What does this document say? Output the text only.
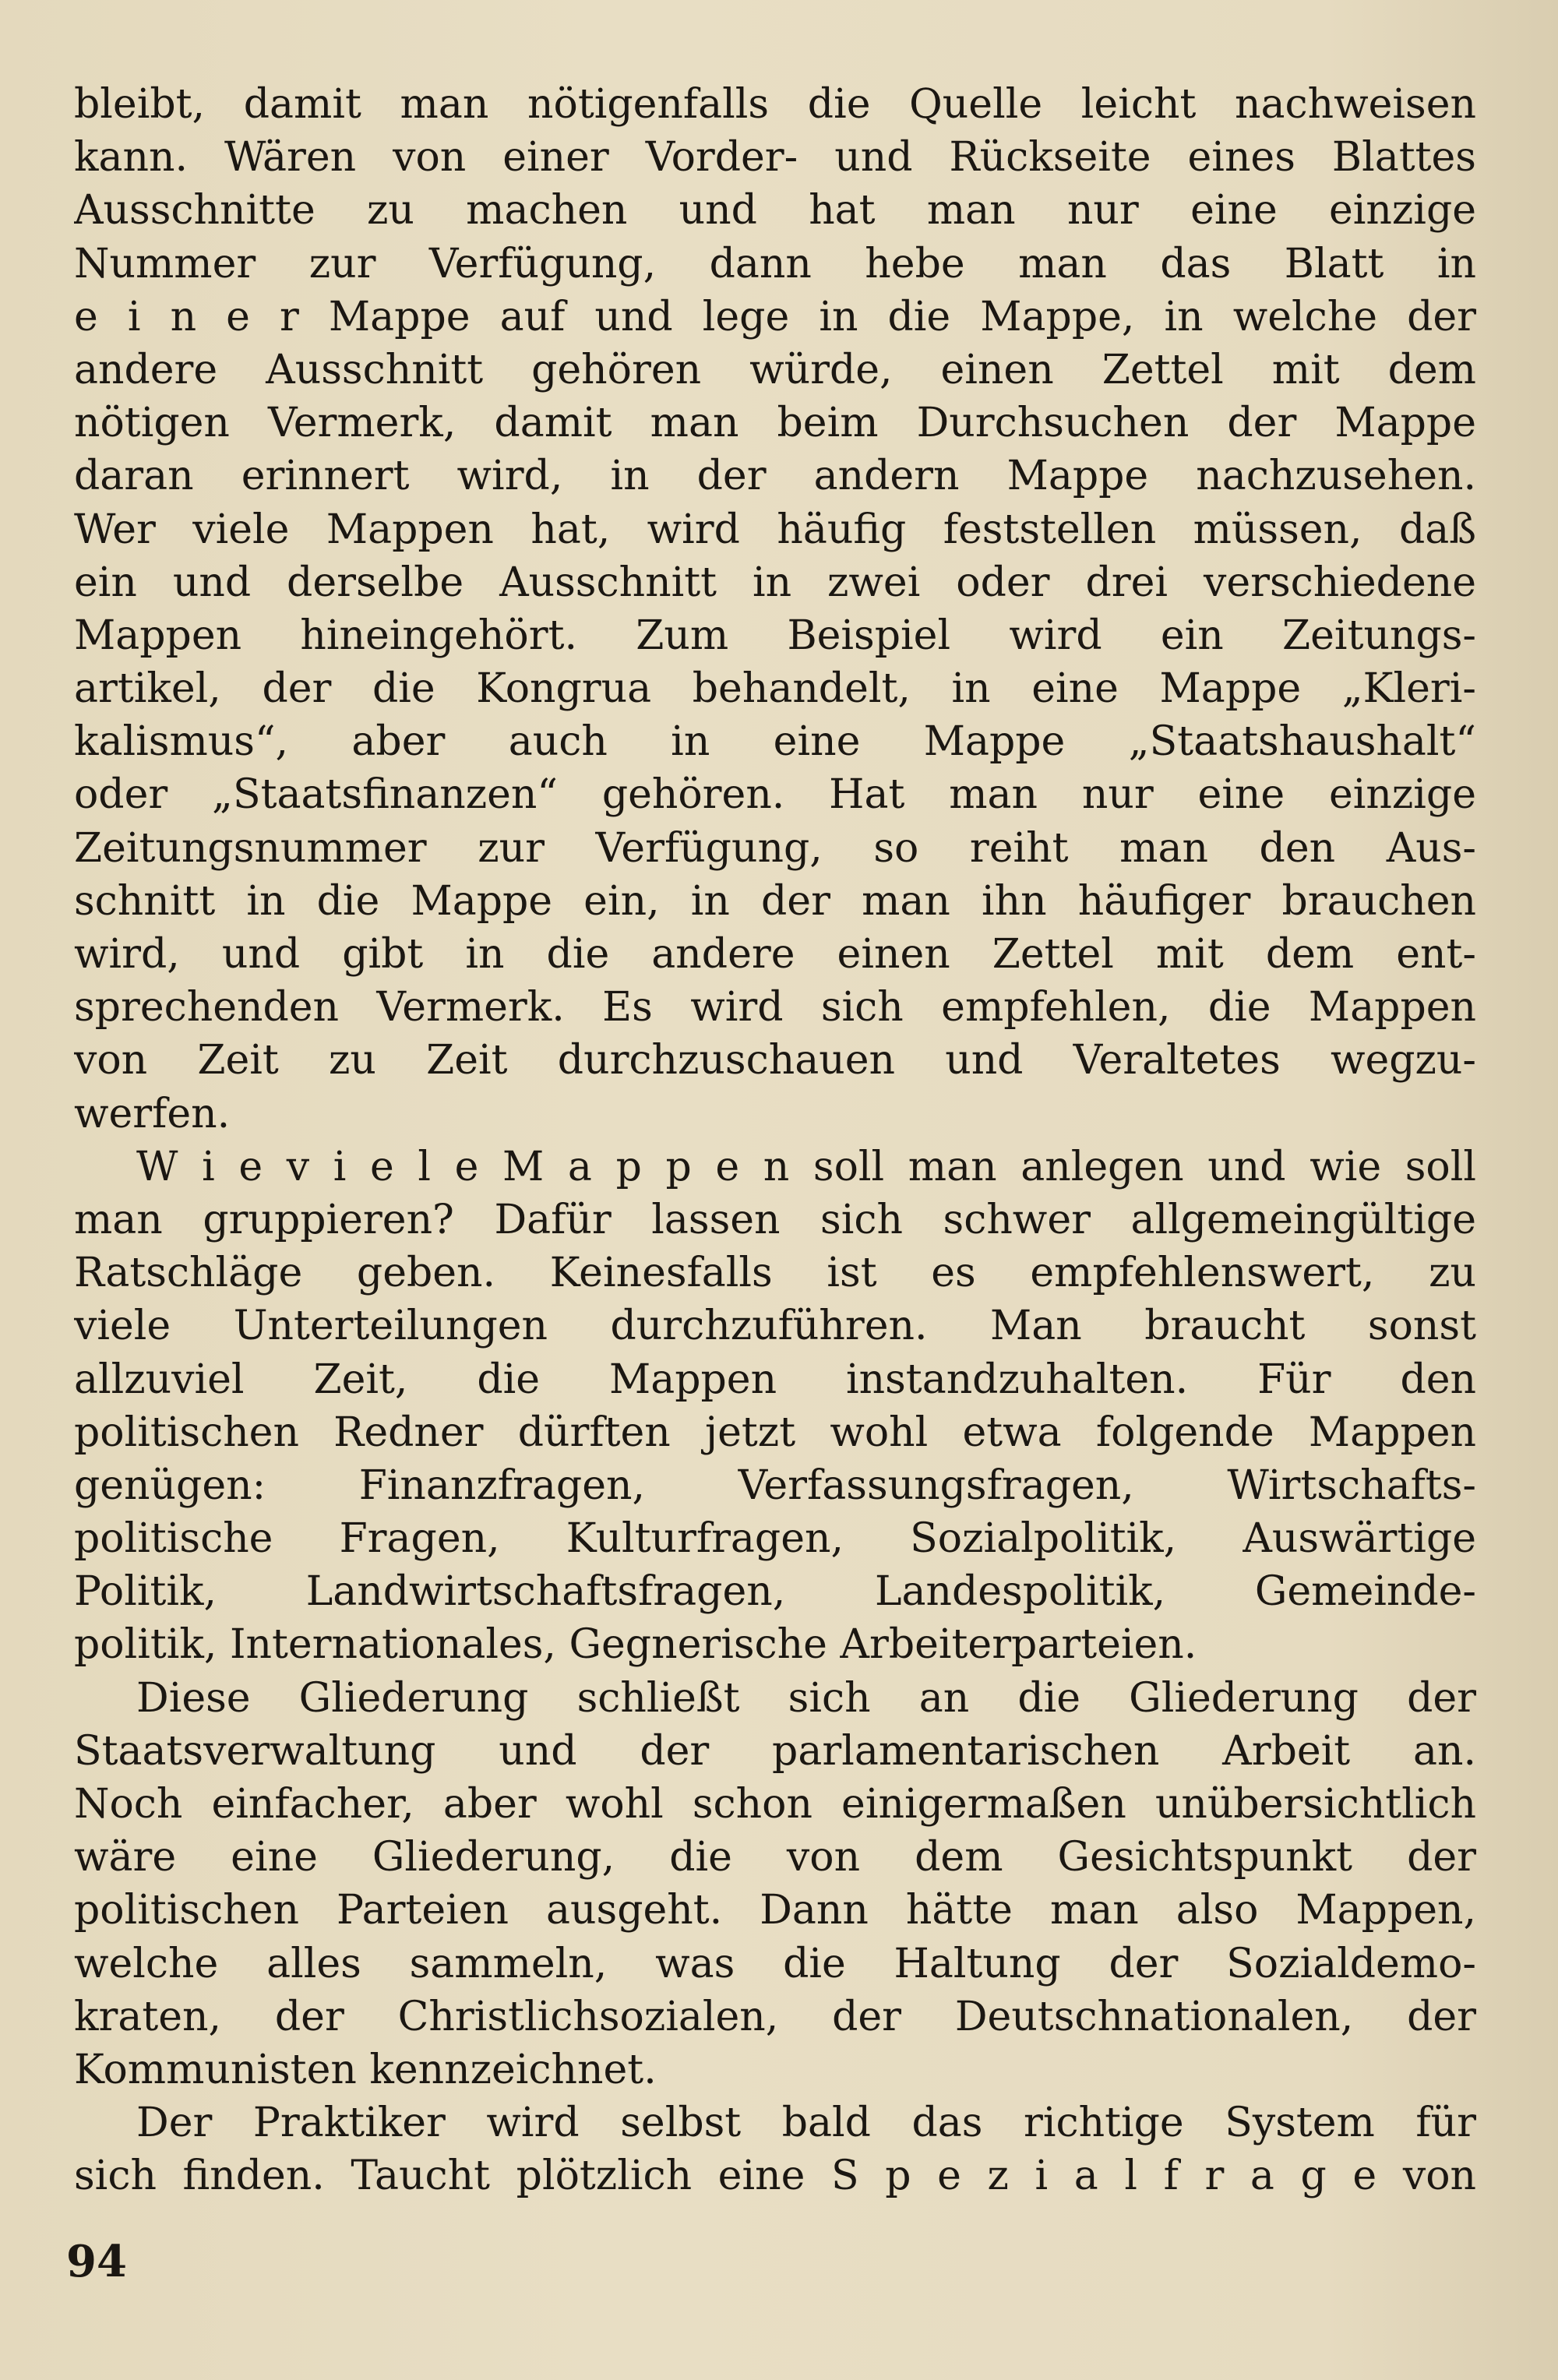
bleibt, damit man nötigenfalls die Quelle leicht nachweisen
kann. Wären von einer Vorder- und Rückseite eines Blattes
Ausschnitte zu machen und hat man nur eine einzige
Nummer zur Verfügung, dann hebe man das Blatt in
e i n e r Mappe auf und lege in die Mappe, in welche der
andere Ausschnitt gehören würde, einen Zettel mit dem
nötigen Vermerk, damit man beim Durchsuchen der Mappe
daran erinnert wird, in der andern Mappe nachzusehen.
Wer viele Mappen hat, wird häufig feststellen müssen, daß
ein und derselbe Ausschnitt in zwei oder drei verschiedene
Mappen hineingehört. Zum Beispiel wird ein Zeitungs-
artikel, der die Kongrua behandelt, in eine Mappe „Kleri-
kalismus“, aber auch in eine Mappe „Staatshaushalt“
oder „Staatsfinanzen“ gehören. Hat man nur eine einzige
Zeitungsnummer zur Verfügung, so reiht man den Aus-
schnitt in die Mappe ein, in der man ihn häufiger brauchen
wird, und gibt in die andere einen Zettel mit dem ent-
sprechenden Vermerk. Es wird sich empfehlen, die Mappen
von Zeit zu Zeit durchzuschauen und Veraltetes wegzu-
werfen.
W i e v i e l e M a p p e n soll man anlegen und wie soll
man gruppieren? Dafür lassen sich schwer allgemeingültige
Ratschläge geben. Keinesfalls ist es empfehlenswert, zu
viele Unterteilungen durchzuführen. Man braucht sonst
allzuviel Zeit, die Mappen instandzuhalten. Für den
politischen Redner dürften jetzt wohl etwa folgende Mappen
genügen: Finanzfragen, Verfassungsfragen, Wirtschafts-
politische Fragen, Kulturfragen, Sozialpolitik, Auswärtige
Politik, Landwirtschaftsfragen, Landespolitik, Gemeinde-
politik, Internationales, Gegnerische Arbeiterparteien.
Diese Gliederung schließt sich an die Gliederung der
Staatsverwaltung und der parlamentarischen Arbeit an.
Noch einfacher, aber wohl schon einigermaßen unübersichtlich
wäre eine Gliederung, die von dem Gesichtspunkt der
politischen Parteien ausgeht. Dann hätte man also Mappen,
welche alles sammeln, was die Haltung der Sozialdemo-
kraten, der Christlichsozialen, der Deutschnationalen, der
Kommunisten kennzeichnet.
Der Praktiker wird selbst bald das richtige System für
sich finden. Taucht plötzlich eine S p e z i a l f r a g e von
94
